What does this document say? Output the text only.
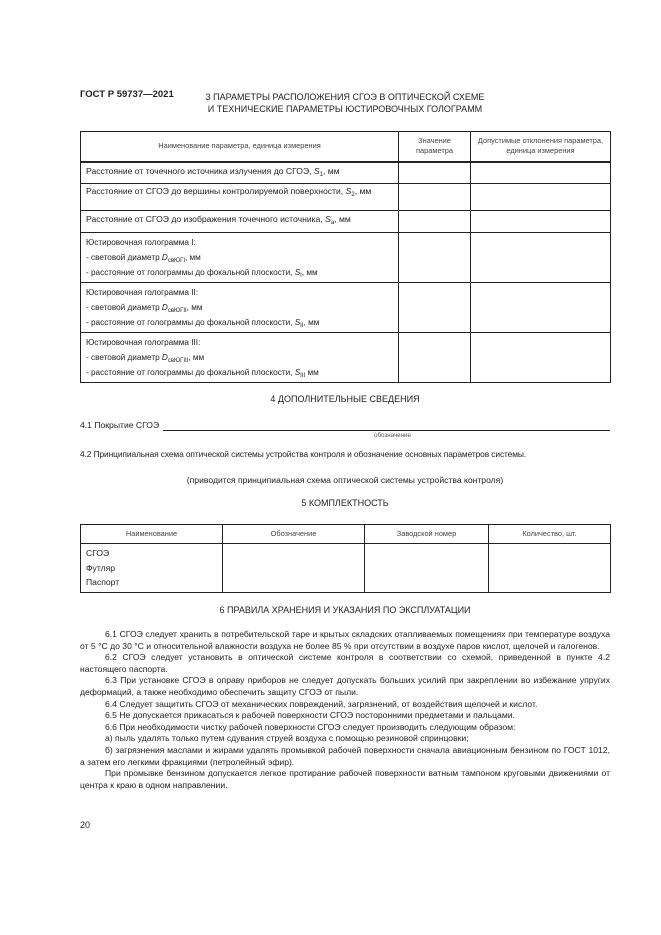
ГОСТ Р 59737—2021	3 ПАРАМЕТРЫ РАСПОЛОЖЕНИЯ СГОЭ В ОПТИЧЕСКОЙ СХЕМЕ
И ТЕХНИЧЕСКИЕ ПАРАМЕТРЫ ЮСТИРОВОЧНЫХ ГОЛОГРАММ
Наименование параметра, единица измерения	Значение параметра	Допустимые отклонения параметра, единица измерения
Расстояние от точечного источника излучения до СГОЭ, $S_1$, мм		
Расстояние от СГОЭ до вершины контролируемой поверхности, $S_2$, мм		
Расстояние от СГОЭ до изображения точечного источника, $S_a$, мм		

Юстировочная голограмма I:
- световой диаметр $D_{свЮГI}$, мм
- расстояние от голограммы до фокальной плоскости, $S_I$, мм		

Юстировочная голограмма II:
- световой диаметр $D_{свЮГII}$, мм
- расстояние от голограммы до фокальной плоскости, $S_{II}$, мм		

Юстировочная голограмма III:
- световой диаметр $D_{свЮГIII}$, мм
- расстояние от голограммы до фокальной плоскости, $S_{III}$ мм		

4 ДОПОЛНИТЕЛЬНЫЕ СВЕДЕНИЯ
4.1 Покрытие СГОЭ
обозначение
4.2 Принципиальная схема оптической системы устройства контроля и обозначение основных параметров системы.
(приводится принципиальная схема оптической системы устройства контроля)
5 КОМПЛЕКТНОСТЬ
Наименование	Обозначение	Заводской номер	Количество, шт.

СГОЭ
Футляр
Паспорт			

6 ПРАВИЛА ХРАНЕНИЯ И УКАЗАНИЯ ПО ЭКСПЛУАТАЦИИ
6.1 СГОЭ следует хранить в потребительской таре и крытых складских отапливаемых помещениях при температуре воздуха от 5 °С до 30 °С и относительной влажности воздуха не более 85 % при отсутствии в воздухе паров кислот, щелочей и галогенов.
6.2 СГОЭ следует установить в оптической системе контроля в соответствии со схемой, приведенной в пункте 4.2 настоящего паспорта.
6.3 При установке СГОЭ в оправу приборов не следует допускать больших усилий при закреплении во избежание упругих деформаций, а также необходимо обеспечить защиту СГОЭ от пыли.
6.4 Следует защитить СГОЭ от механических повреждений, загрязнений, от воздействия щелочей и кислот.
6.5 Не допускается прикасаться к рабочей поверхности СГОЭ посторонними предметами и пальцами.
6.6 При необходимости чистку рабочей поверхности СГОЭ следует производить следующим образом:
а) пыль удалять только путем сдувания струей воздуха с помощью резиновой спринцовки;
б) загрязнения маслами и жирами удалять промывкой рабочей поверхности сначала авиационным бензином по ГОСТ 1012, а затем его легкими фракциями (петролейный эфир).
При промывке бензином допускается легкое протирание рабочей поверхности ватным тампоном круговыми движениями от центра к краю в одном направлении.
20
